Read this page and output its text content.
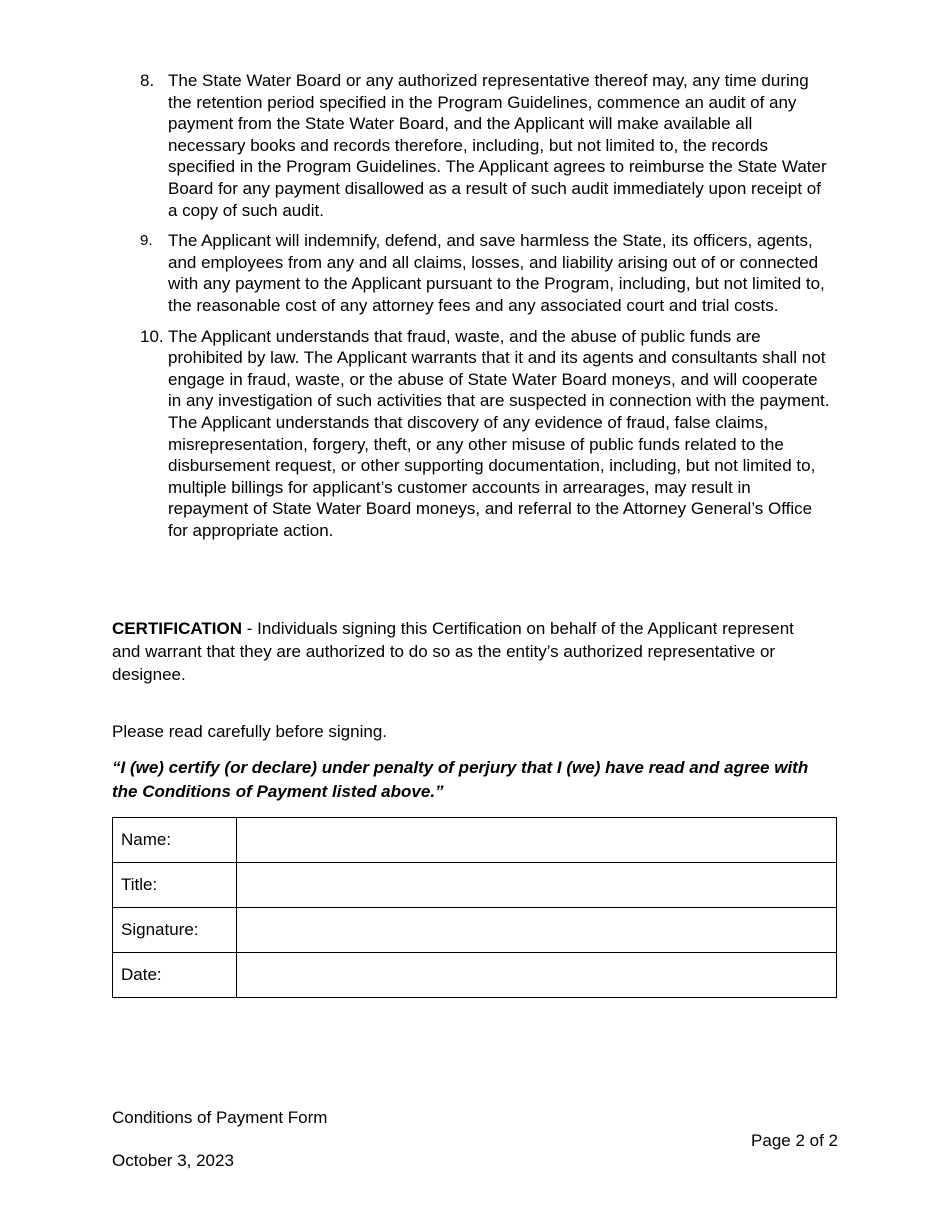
8. The State Water Board or any authorized representative thereof may, any time during the retention period specified in the Program Guidelines, commence an audit of any payment from the State Water Board, and the Applicant will make available all necessary books and records therefore, including, but not limited to, the records specified in the Program Guidelines. The Applicant agrees to reimburse the State Water Board for any payment disallowed as a result of such audit immediately upon receipt of a copy of such audit.
9. The Applicant will indemnify, defend, and save harmless the State, its officers, agents, and employees from any and all claims, losses, and liability arising out of or connected with any payment to the Applicant pursuant to the Program, including, but not limited to, the reasonable cost of any attorney fees and any associated court and trial costs.
10. The Applicant understands that fraud, waste, and the abuse of public funds are prohibited by law. The Applicant warrants that it and its agents and consultants shall not engage in fraud, waste, or the abuse of State Water Board moneys, and will cooperate in any investigation of such activities that are suspected in connection with the payment. The Applicant understands that discovery of any evidence of fraud, false claims, misrepresentation, forgery, theft, or any other misuse of public funds related to the disbursement request, or other supporting documentation, including, but not limited to, multiple billings for applicant’s customer accounts in arrearages, may result in repayment of State Water Board moneys, and referral to the Attorney General’s Office for appropriate action.

CERTIFICATION - Individuals signing this Certification on behalf of the Applicant represent and warrant that they are authorized to do so as the entity’s authorized representative or designee.

Please read carefully before signing.

“I (we) certify (or declare) under penalty of perjury that I (we) have read and agree with the Conditions of Payment listed above.”

Name:	
Title:	
Signature:	
Date:	

Conditions of Payment Form

Page 2 of 2

October 3, 2023
